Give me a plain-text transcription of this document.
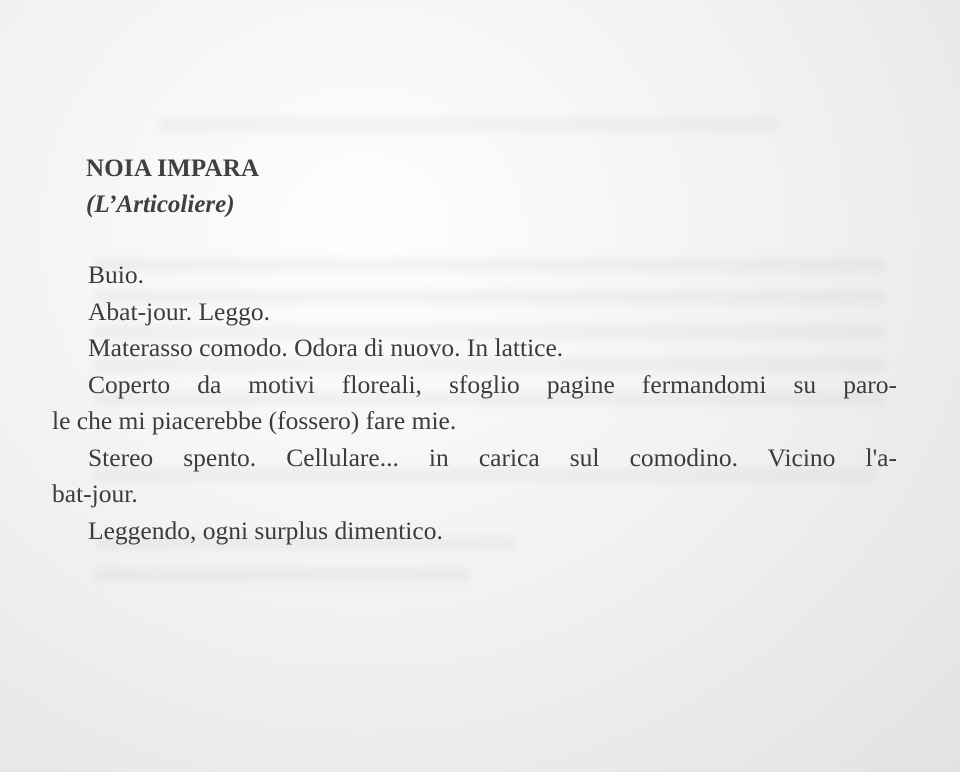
NOIA IMPARA
(L’Articoliere)

Buio.

Abat-jour. Leggo.

Materasso comodo. Odora di nuovo. In lattice.

Coperto da motivi floreali, sfoglio pagine fermandomi su paro-

le che mi piacerebbe (fossero) fare mie.

Stereo spento. Cellulare... in carica sul comodino. Vicino l'a-

bat-jour.

Leggendo, ogni surplus dimentico.
